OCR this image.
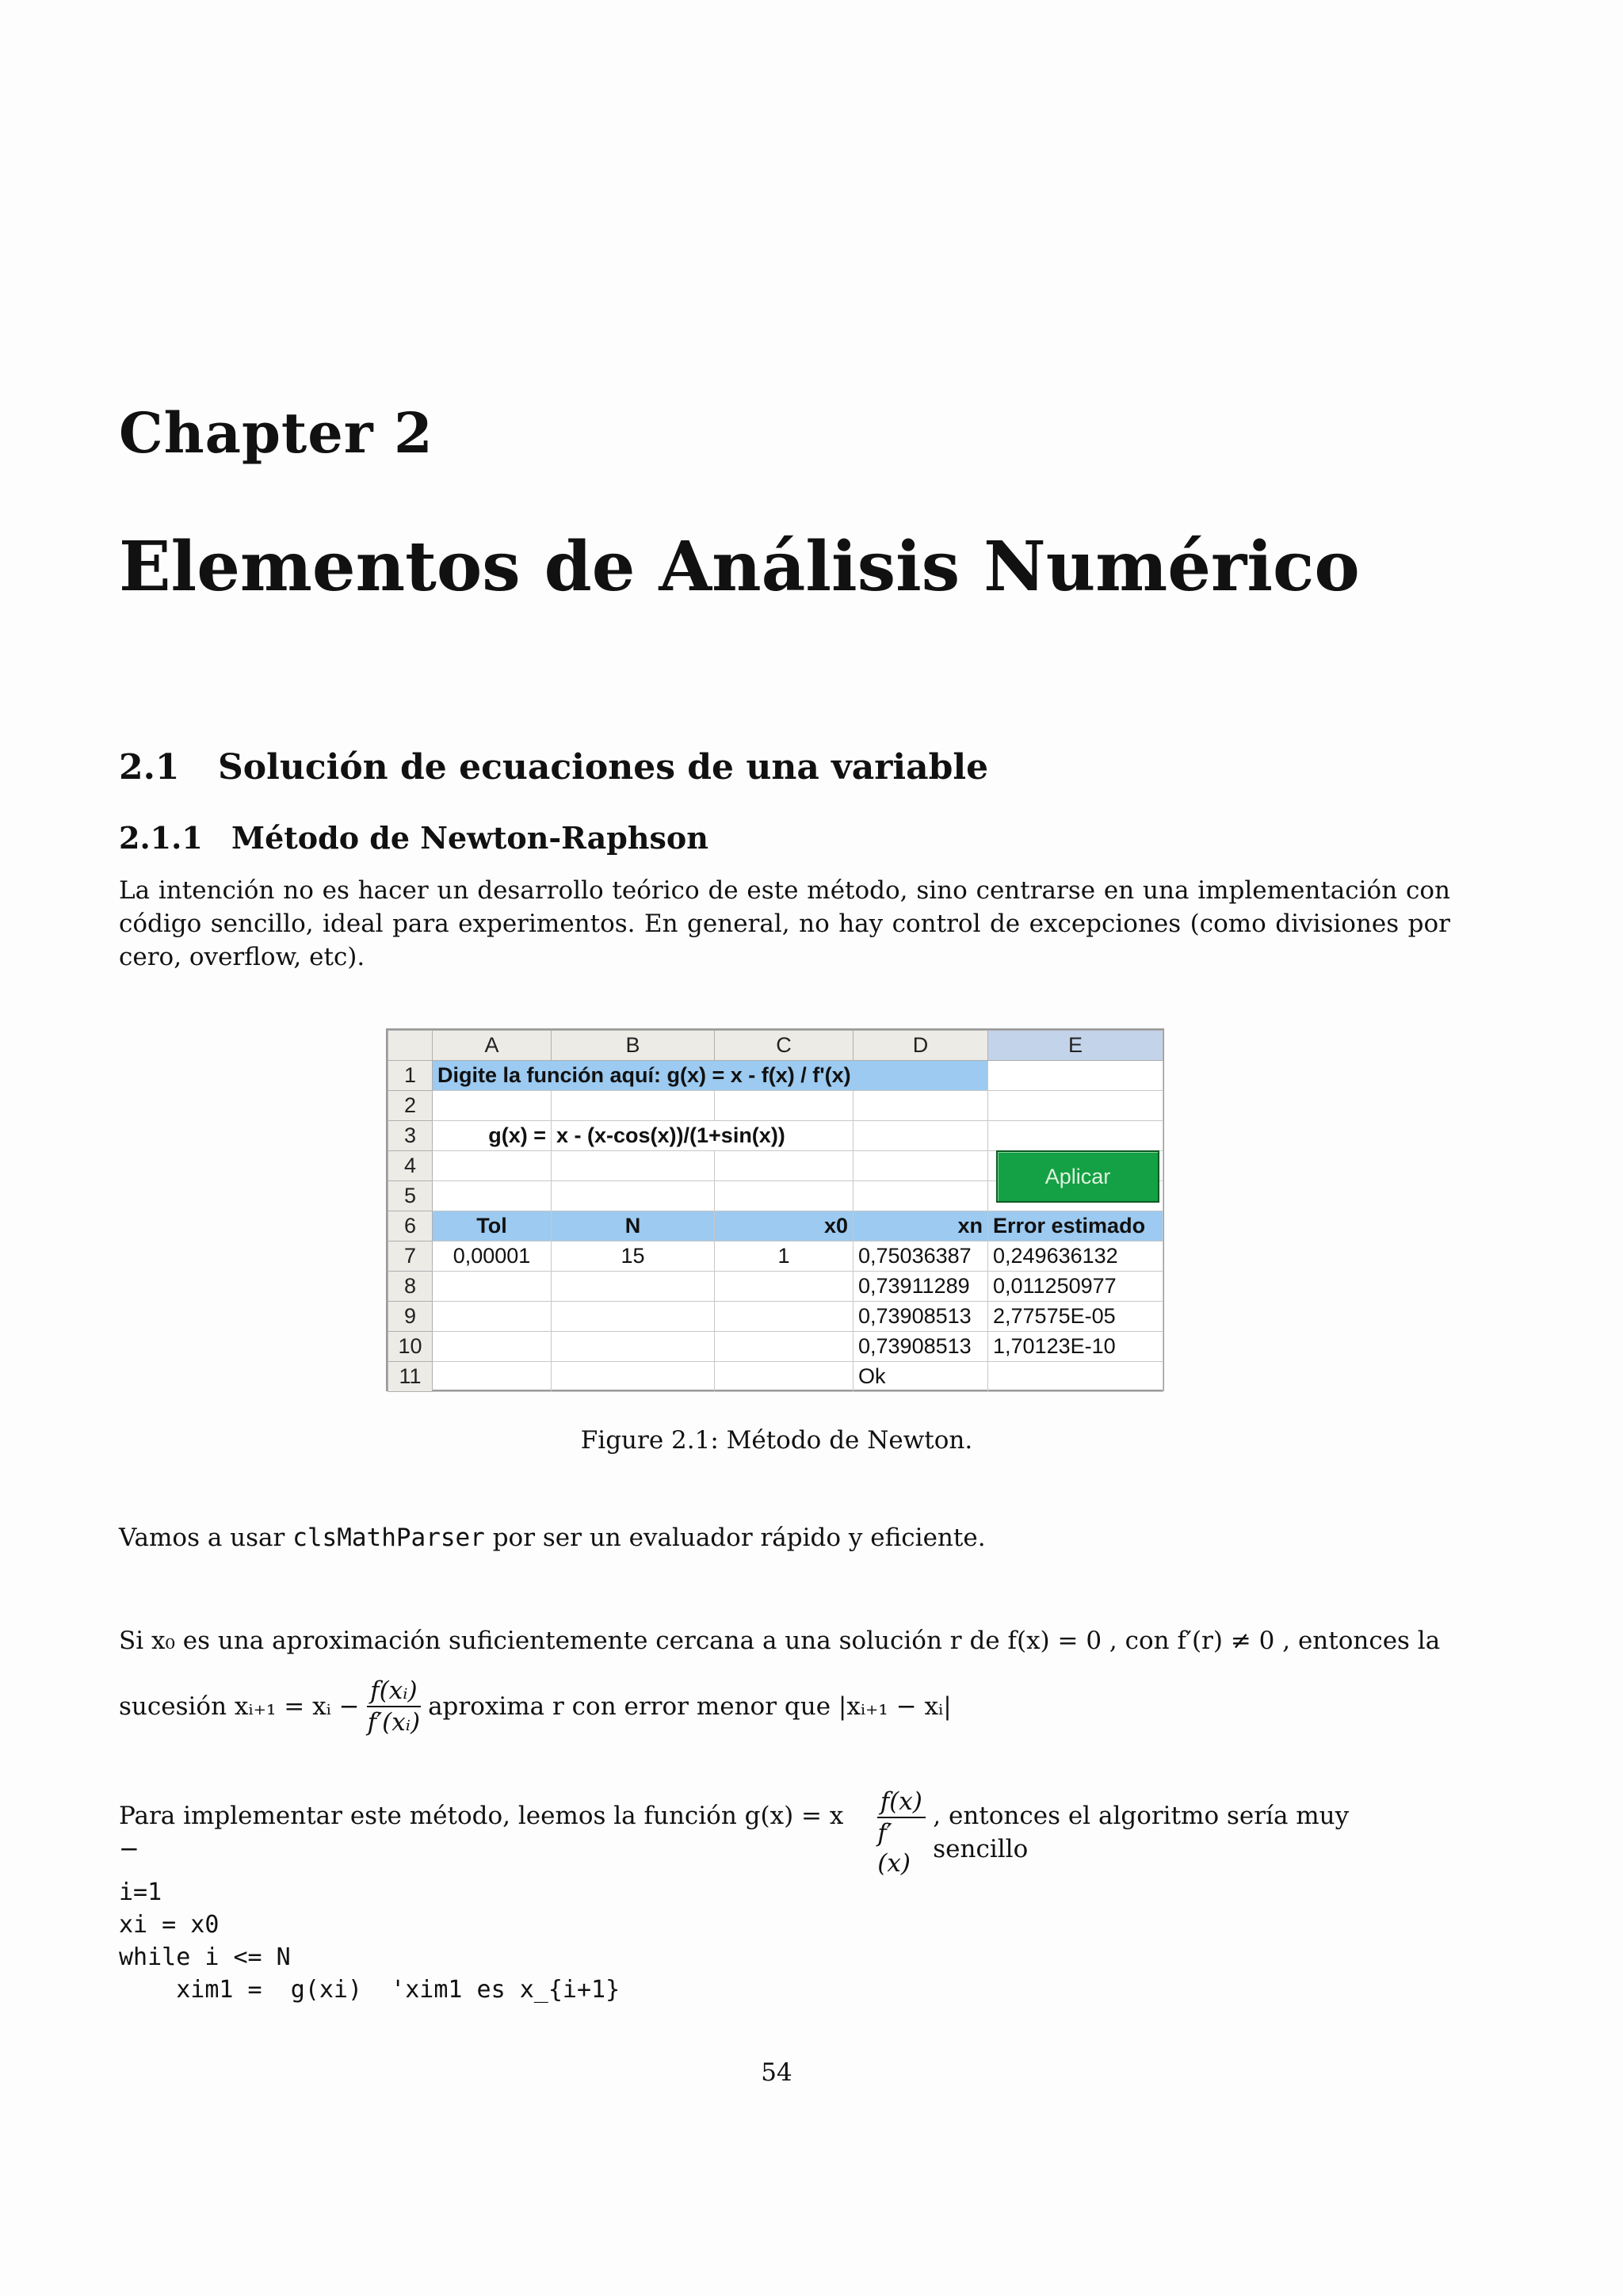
Chapter 2
Elementos de Análisis Numérico
2.1 Solución de ecuaciones de una variable
2.1.1 Método de Newton-Raphson
La intención no es hacer un desarrollo teórico de este método, sino centrarse en una implementación con código sencillo, ideal para experimentos. En general, no hay control de excepciones (como divisiones por cero, overflow, etc).
	A	B	C	D	E
1	Digite la función aquí: g(x) = x - f(x) / f'(x)				
2					
3	g(x) =	x - (x-cos(x))/(1+sin(x))			
4					
5					
6	Tol	N	x0	xn	Error estimado
7	0,00001	15	1	0,75036387	0,249636132
8				0,73911289	0,011250977
9				0,73908513	2,77575E-05
10				0,73908513	1,70123E-10
11				Ok	
Aplicar
Figure 2.1: Método de Newton.
Vamos a usar clsMathParser por ser un evaluador rápido y eficiente.
Si x₀ es una aproximación suficientemente cercana a una solución r de f(x) = 0 , con f′(r) ≠ 0 , entonces la
sucesión xᵢ₊₁ = xᵢ − $\frac{\text{f(xᵢ)}}{\text{f′(xᵢ)}}$ aproxima r con error menor que |xᵢ₊₁ − xᵢ|
Para implementar este método, leemos la función g(x) = x −	$\frac{f(x)}{f'(x)}$ , entonces el algoritmo sería muy sencillo
i=1
xi = x0
while i <= N
xim1 =  g(xi)  'xim1 es x_{i+1}
54
